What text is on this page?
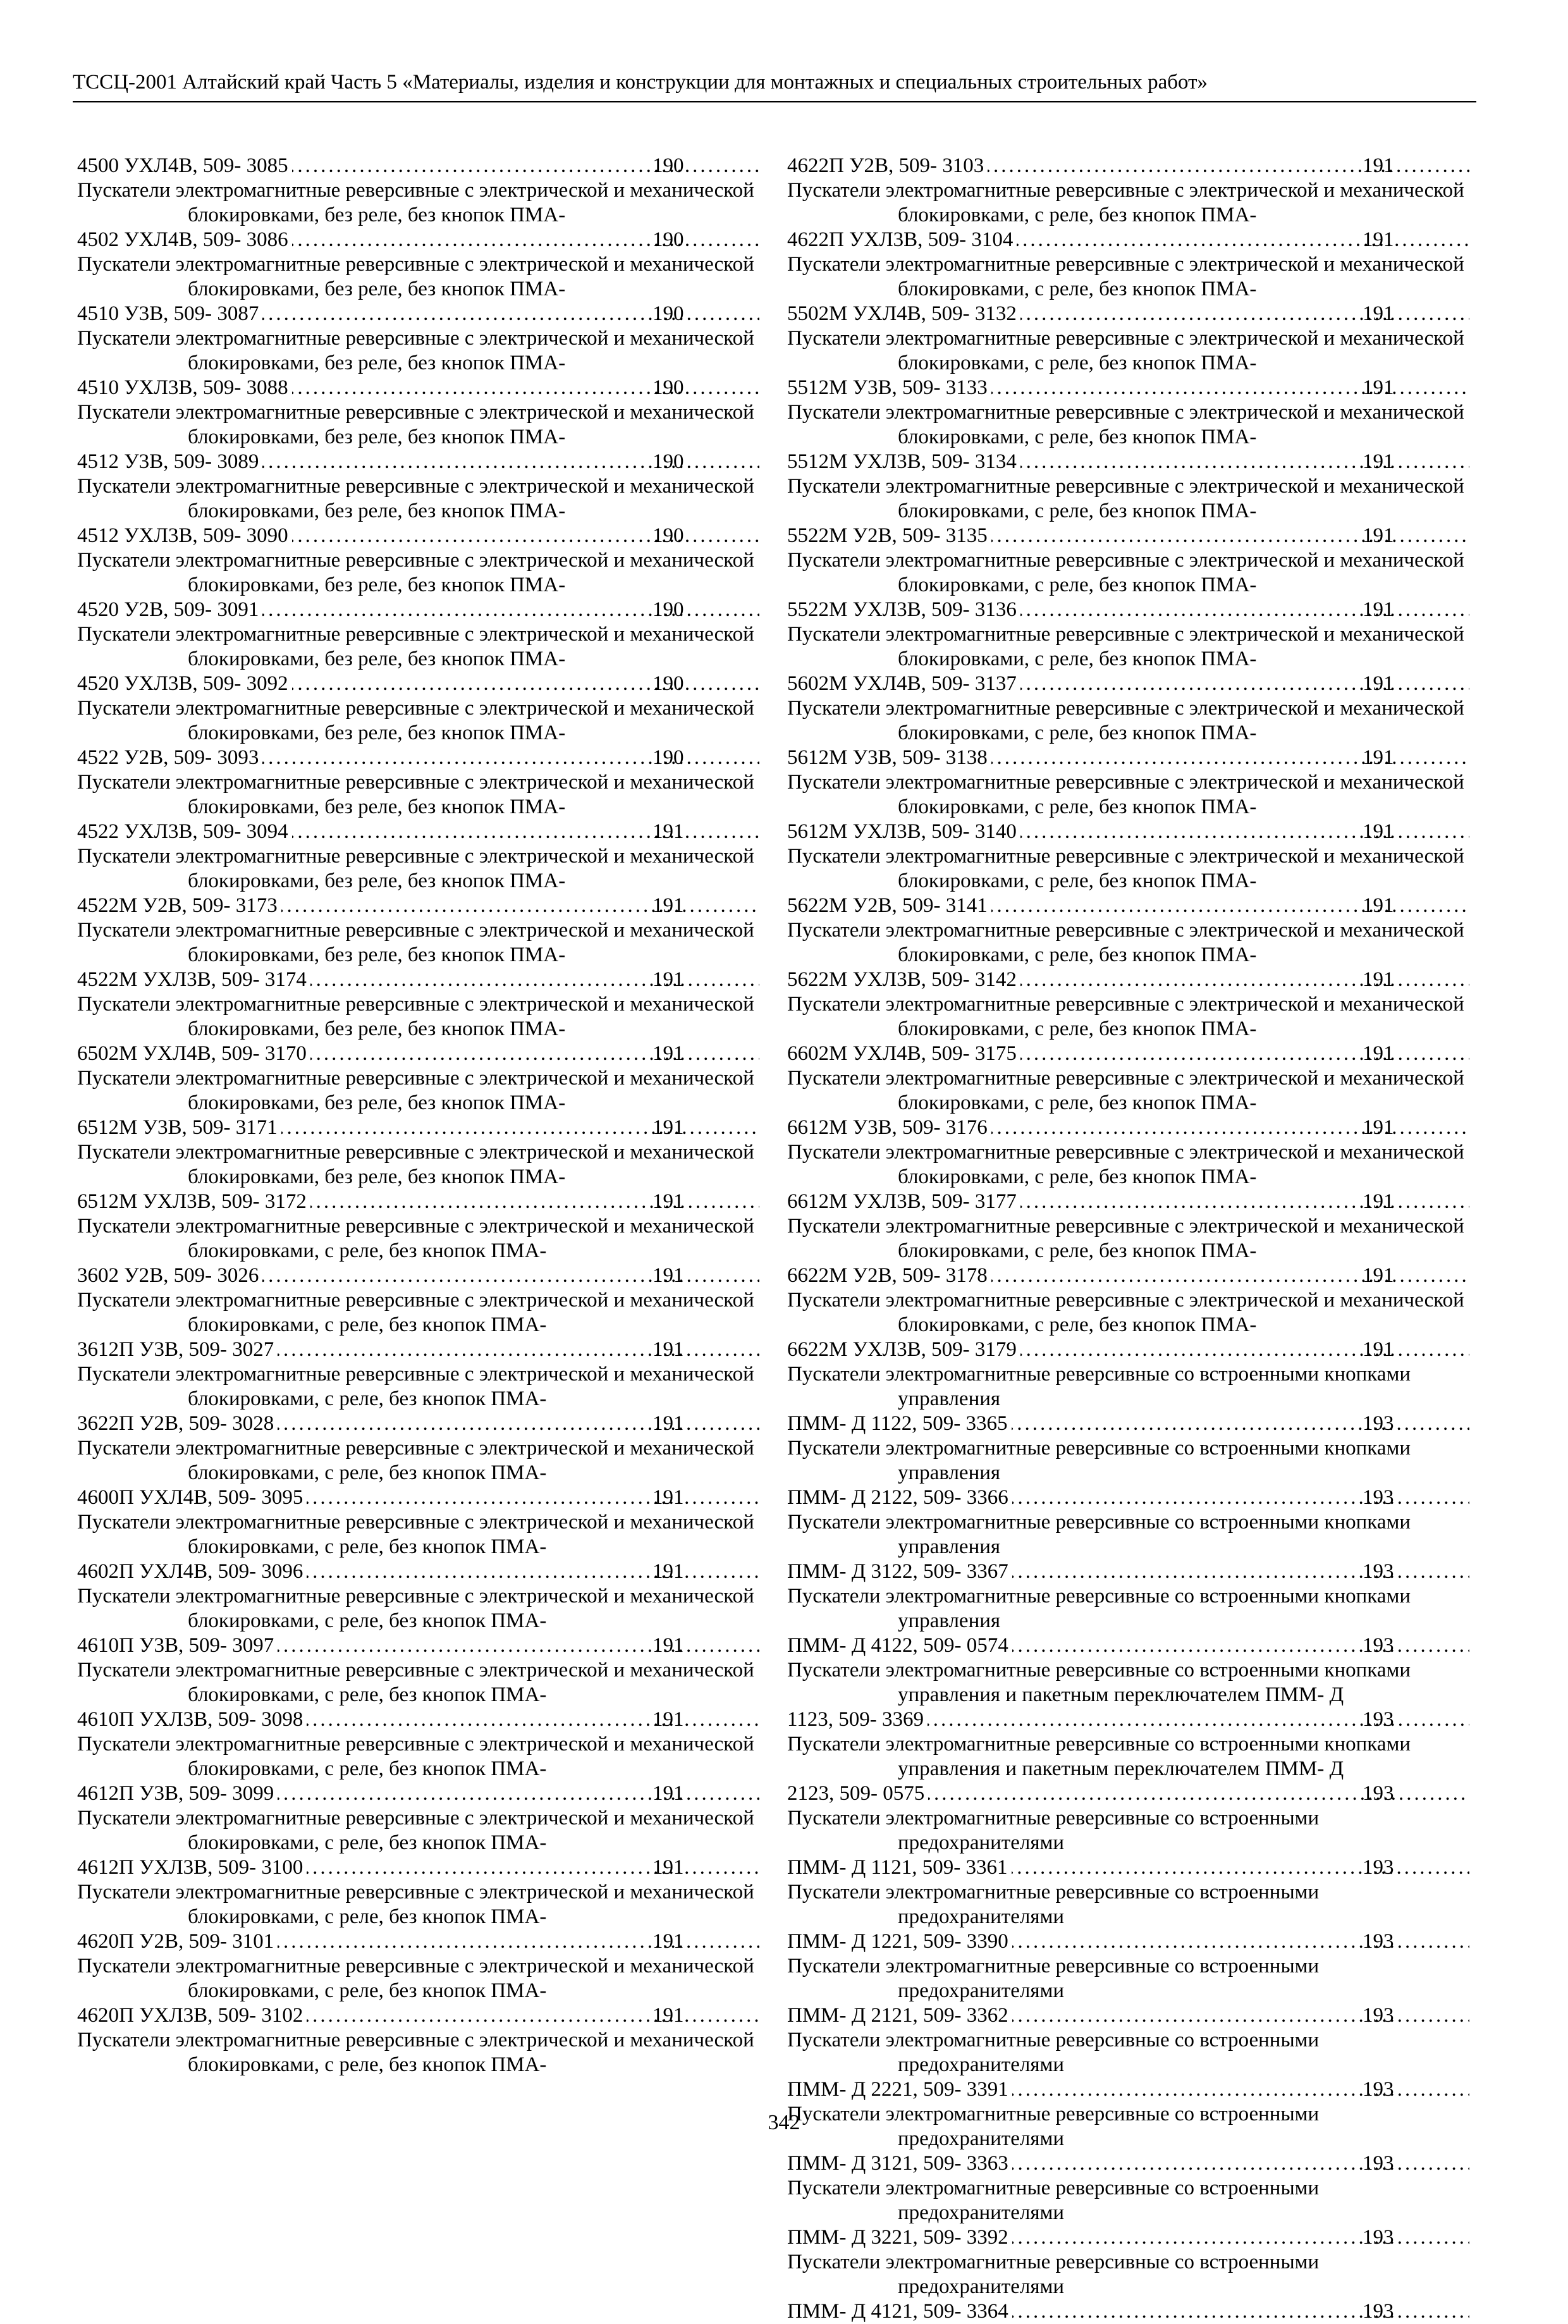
ТССЦ-2001 Алтайский край Часть 5 «Материалы, изделия и конструкции для монтажных и специальных строительных работ»
4500 УХЛ4В, 509- 3085 .....	190
Пускатели электромагнитные реверсивные с электрической и механической блокировками, без реле, без кнопок ПМА-
4502 УХЛ4В, 509- 3086 .....	190
Пускатели электромагнитные реверсивные с электрической и механической блокировками, без реле, без кнопок ПМА-
4510 У3В, 509- 3087 .....	190
Пускатели электромагнитные реверсивные с электрической и механической блокировками, без реле, без кнопок ПМА-
4510 УХЛ3В, 509- 3088 .....	190
Пускатели электромагнитные реверсивные с электрической и механической блокировками, без реле, без кнопок ПМА-
4512 У3В, 509- 3089 .....	190
Пускатели электромагнитные реверсивные с электрической и механической блокировками, без реле, без кнопок ПМА-
4512 УХЛ3В, 509- 3090 .....	190
Пускатели электромагнитные реверсивные с электрической и механической блокировками, без реле, без кнопок ПМА-
4520 У2В, 509- 3091 .....	190
Пускатели электромагнитные реверсивные с электрической и механической блокировками, без реле, без кнопок ПМА-
4520 УХЛ3В, 509- 3092 .....	190
Пускатели электромагнитные реверсивные с электрической и механической блокировками, без реле, без кнопок ПМА-
4522 У2В, 509- 3093 .....	190
Пускатели электромагнитные реверсивные с электрической и механической блокировками, без реле, без кнопок ПМА-
4522 УХЛ3В, 509- 3094 .....	191
Пускатели электромагнитные реверсивные с электрической и механической блокировками, без реле, без кнопок ПМА-
4522М У2В, 509- 3173 .....	191
Пускатели электромагнитные реверсивные с электрической и механической блокировками, без реле, без кнопок ПМА-
4522М УХЛ3В, 509- 3174 .....	191
Пускатели электромагнитные реверсивные с электрической и механической блокировками, без реле, без кнопок ПМА-
6502М УХЛ4В, 509- 3170 .....	191
Пускатели электромагнитные реверсивные с электрической и механической блокировками, без реле, без кнопок ПМА-
6512М У3В, 509- 3171 .....	191
Пускатели электромагнитные реверсивные с электрической и механической блокировками, без реле, без кнопок ПМА-
6512М УХЛ3В, 509- 3172 .....	191
Пускатели электромагнитные реверсивные с электрической и механической блокировками, с реле, без кнопок ПМА-
3602 У2В, 509- 3026 .....	191
Пускатели электромагнитные реверсивные с электрической и механической блокировками, с реле, без кнопок ПМА-
3612П У3В, 509- 3027 .....	191
Пускатели электромагнитные реверсивные с электрической и механической блокировками, с реле, без кнопок ПМА-
3622П У2В, 509- 3028 .....	191
Пускатели электромагнитные реверсивные с электрической и механической блокировками, с реле, без кнопок ПМА-
4600П УХЛ4В, 509- 3095 .....	191
Пускатели электромагнитные реверсивные с электрической и механической блокировками, с реле, без кнопок ПМА-
4602П УХЛ4В, 509- 3096 .....	191
Пускатели электромагнитные реверсивные с электрической и механической блокировками, с реле, без кнопок ПМА-
4610П У3В, 509- 3097 .....	191
Пускатели электромагнитные реверсивные с электрической и механической блокировками, с реле, без кнопок ПМА-
4610П УХЛ3В, 509- 3098 .....	191
Пускатели электромагнитные реверсивные с электрической и механической блокировками, с реле, без кнопок ПМА-
4612П У3В, 509- 3099 .....	191
Пускатели электромагнитные реверсивные с электрической и механической блокировками, с реле, без кнопок ПМА-
4612П УХЛ3В, 509- 3100 .....	191
Пускатели электромагнитные реверсивные с электрической и механической блокировками, с реле, без кнопок ПМА-
4620П У2В, 509- 3101 .....	191
Пускатели электромагнитные реверсивные с электрической и механической блокировками, с реле, без кнопок ПМА-
4620П УХЛ3В, 509- 3102 .....	191
Пускатели электромагнитные реверсивные с электрической и механической блокировками, с реле, без кнопок ПМА-
4622П У2В, 509- 3103 .....	191
Пускатели электромагнитные реверсивные с электрической и механической блокировками, с реле, без кнопок ПМА-
4622П УХЛ3В, 509- 3104 .....	191
Пускатели электромагнитные реверсивные с электрической и механической блокировками, с реле, без кнопок ПМА-
5502М УХЛ4В, 509- 3132 .....	191
Пускатели электромагнитные реверсивные с электрической и механической блокировками, с реле, без кнопок ПМА-
5512М У3В, 509- 3133 .....	191
Пускатели электромагнитные реверсивные с электрической и механической блокировками, с реле, без кнопок ПМА-
5512М УХЛ3В, 509- 3134 .....	191
Пускатели электромагнитные реверсивные с электрической и механической блокировками, с реле, без кнопок ПМА-
5522М У2В, 509- 3135 .....	191
Пускатели электромагнитные реверсивные с электрической и механической блокировками, с реле, без кнопок ПМА-
5522М УХЛ3В, 509- 3136 .....	191
Пускатели электромагнитные реверсивные с электрической и механической блокировками, с реле, без кнопок ПМА-
5602М УХЛ4В, 509- 3137 .....	191
Пускатели электромагнитные реверсивные с электрической и механической блокировками, с реле, без кнопок ПМА-
5612М У3В, 509- 3138 .....	191
Пускатели электромагнитные реверсивные с электрической и механической блокировками, с реле, без кнопок ПМА-
5612М УХЛ3В, 509- 3140 .....	191
Пускатели электромагнитные реверсивные с электрической и механической блокировками, с реле, без кнопок ПМА-
5622М У2В, 509- 3141 .....	191
Пускатели электромагнитные реверсивные с электрической и механической блокировками, с реле, без кнопок ПМА-
5622М УХЛ3В, 509- 3142 .....	191
Пускатели электромагнитные реверсивные с электрической и механической блокировками, с реле, без кнопок ПМА-
6602М УХЛ4В, 509- 3175 .....	191
Пускатели электромагнитные реверсивные с электрической и механической блокировками, с реле, без кнопок ПМА-
6612М У3В, 509- 3176 .....	191
Пускатели электромагнитные реверсивные с электрической и механической блокировками, с реле, без кнопок ПМА-
6612М УХЛ3В, 509- 3177 .....	191
Пускатели электромагнитные реверсивные с электрической и механической блокировками, с реле, без кнопок ПМА-
6622М У2В, 509- 3178 .....	191
Пускатели электромагнитные реверсивные с электрической и механической блокировками, с реле, без кнопок ПМА-
6622М УХЛ3В, 509- 3179 .....	191
Пускатели электромагнитные реверсивные со встроенными кнопками управления
ПММ- Д 1122, 509- 3365 .....	193
Пускатели электромагнитные реверсивные со встроенными кнопками управления
ПММ- Д 2122, 509- 3366 .....	193
Пускатели электромагнитные реверсивные со встроенными кнопками управления
ПММ- Д 3122, 509- 3367 .....	193
Пускатели электромагнитные реверсивные со встроенными кнопками управления
ПММ- Д 4122, 509- 0574 .....	193
Пускатели электромагнитные реверсивные со встроенными кнопками управления и пакетным переключателем ПММ- Д
1123, 509- 3369 .....	193
Пускатели электромагнитные реверсивные со встроенными кнопками управления и пакетным переключателем ПММ- Д
2123, 509- 0575 .....	193
Пускатели электромагнитные реверсивные со встроенными предохранителями
ПММ- Д 1121, 509- 3361 .....	193
Пускатели электромагнитные реверсивные со встроенными предохранителями
ПММ- Д 1221, 509- 3390 .....	193
Пускатели электромагнитные реверсивные со встроенными предохранителями
ПММ- Д 2121, 509- 3362 .....	193
Пускатели электромагнитные реверсивные со встроенными предохранителями
ПММ- Д 2221, 509- 3391 .....	193
Пускатели электромагнитные реверсивные со встроенными предохранителями
ПММ- Д 3121, 509- 3363 .....	193
Пускатели электромагнитные реверсивные со встроенными предохранителями
ПММ- Д 3221, 509- 3392 .....	193
Пускатели электромагнитные реверсивные со встроенными предохранителями
ПММ- Д 4121, 509- 3364 .....	193
342
